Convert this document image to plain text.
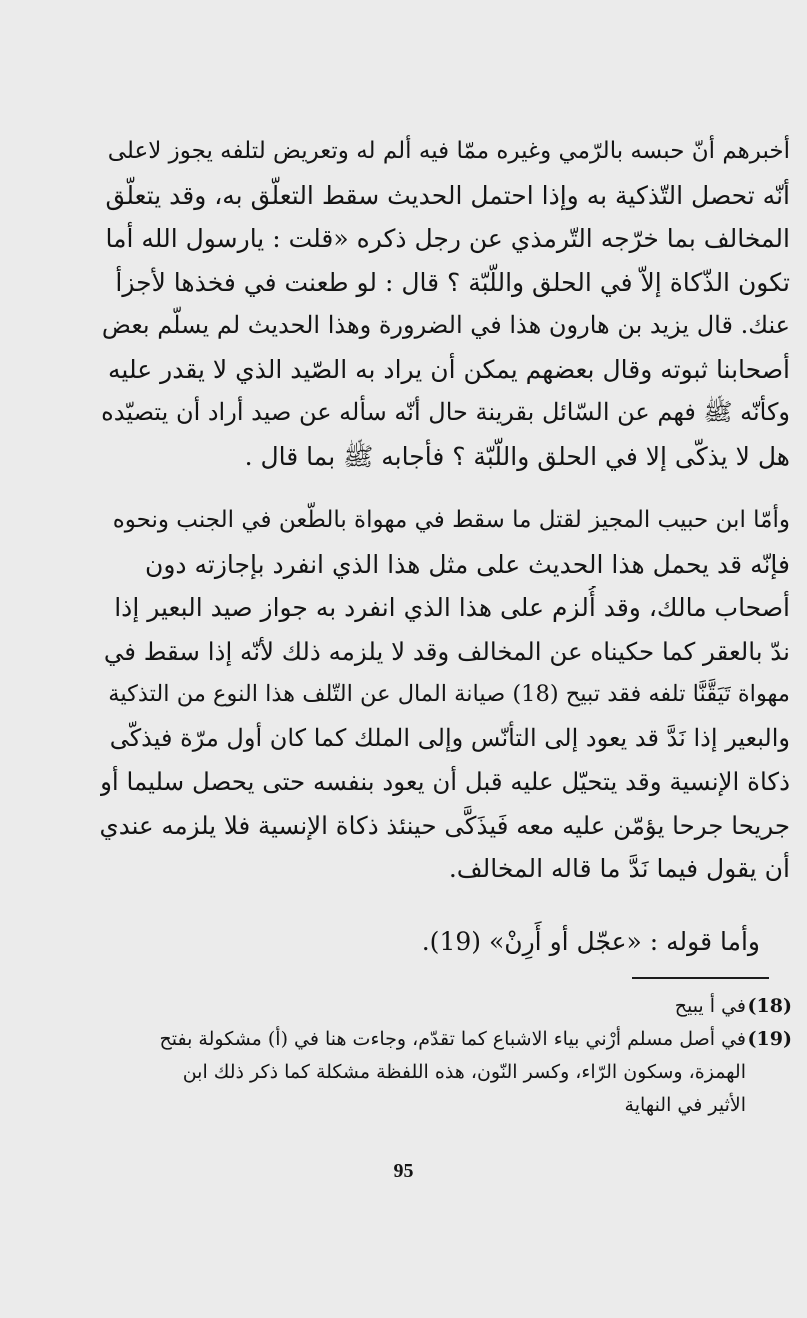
أخبرهم أنّ حبسه بالرّمي وغيره ممّا فيه ألم له وتعريض لتلفه يجوز لاعلى
أنّه تحصل التّذكية به وإذا احتمل الحديث سقط التعلّق به، وقد يتعلّق
المخالف بما خرّجه التّرمذي عن رجل ذكره «قلت : يارسول الله أما
تكون الذّكاة إلاّ في الحلق واللّبّة ؟ قال : لو طعنت في فخذها لأجزأ
عنك. قال يزيد بن هارون هذا في الضرورة وهذا الحديث لم يسلّم بعض
أصحابنا ثبوته وقال بعضهم يمكن أن يراد به الصّيد الذي لا يقدر عليه
وكأنّه ﷺ فهم عن السّائل بقرينة حال أنّه سأله عن صيد أراد أن يتصيّده
هل لا يذكّى إلا في الحلق واللّبّة ؟ فأجابه ﷺ بما قال .
وأمّا ابن حبيب المجيز لقتل ما سقط في مهواة بالطّعن في الجنب ونحوه
فإنّه قد يحمل هذا الحديث على مثل هذا الذي انفرد بإجازته دون
أصحاب مالك، وقد أُلزم على هذا الذي انفرد به جواز صيد البعير إذا
ندّ بالعقر كما حكيناه عن المخالف وقد لا يلزمه ذلك لأنّه إذا سقط في
مهواة تَيَقَّنَّا تلفه فقد تبيح (18) صيانة المال عن التّلف هذا النوع من التذكية
والبعير إذا نَدَّ قد يعود إلى التأنّس وإلى الملك كما كان أول مرّة فيذكّى
ذكاة الإنسية وقد يتحيّل عليه قبل أن يعود بنفسه حتى يحصل سليما أو
جريحا جرحا يؤمّن عليه معه فَيذَكَّى حينئذ ذكاة الإنسية فلا يلزمه عندي
أن يقول فيما نَدَّ ما قاله المخالف.
وأما قوله : «عجّل أو أَرِنْ» (19).
(18)
في أ يبيح
(19)
في أصل مسلم أرْني بياء الاشباع كما تقدّم، وجاءت هنا في (أ) مشكولة بفتح
الهمزة، وسكون الرّاء، وكسر النّون، هذه اللفظة مشكلة كما ذكر ذلك ابن
الأثير في النهاية
95
